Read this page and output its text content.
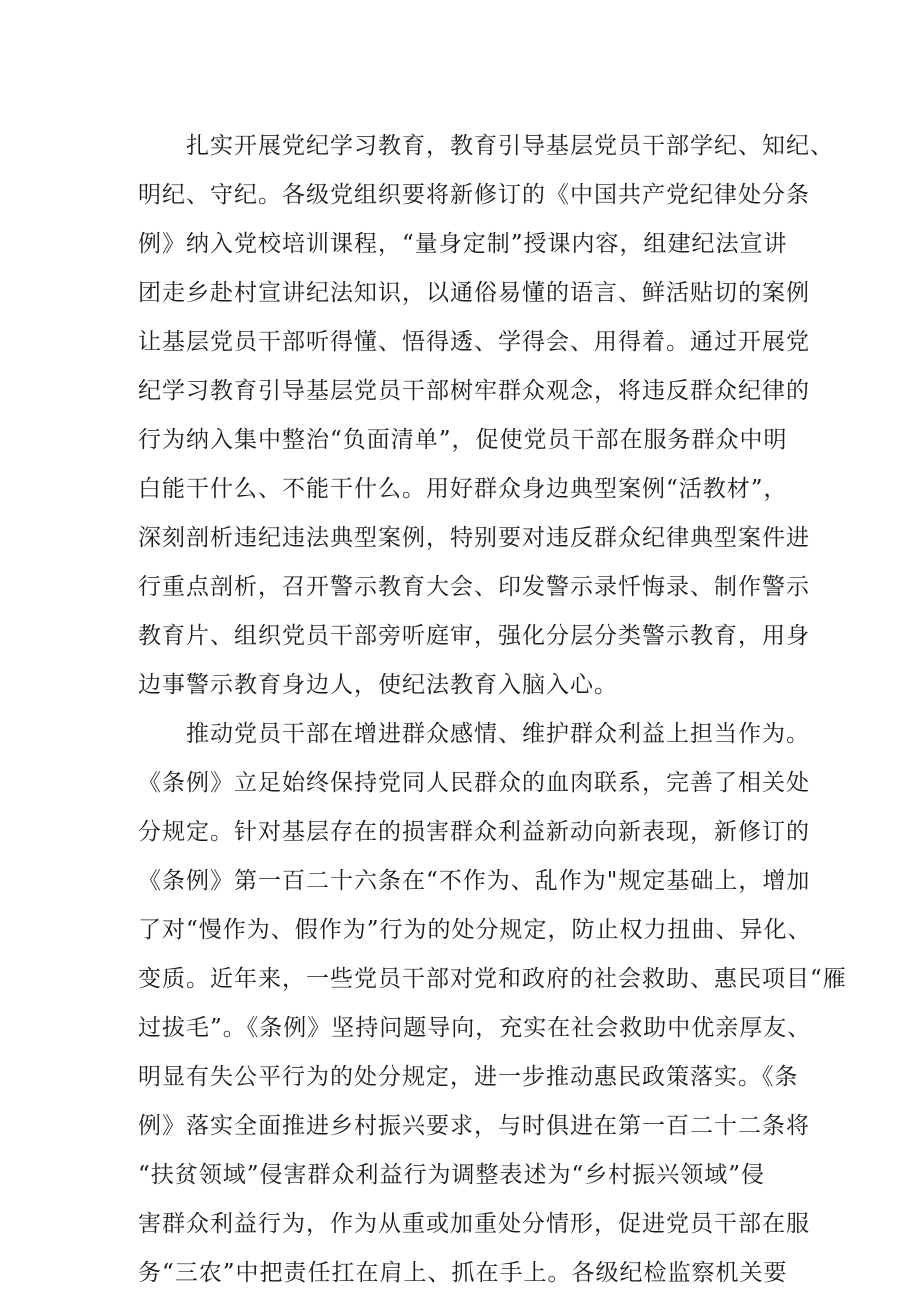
　　扎实开展党纪学习教育，教育引导基层党员干部学纪、知纪、
明纪、守纪。各级党组织要将新修订的《中国共产党纪律处分条
例》纳入党校培训课程，“量身定制”授课内容，组建纪法宣讲
团走乡赴村宣讲纪法知识，以通俗易懂的语言、鲜活贴切的案例
让基层党员干部听得懂、悟得透、学得会、用得着。通过开展党
纪学习教育引导基层党员干部树牢群众观念，将违反群众纪律的
行为纳入集中整治“负面清单”，促使党员干部在服务群众中明
白能干什么、不能干什么。用好群众身边典型案例“活教材”，
深刻剖析违纪违法典型案例，特别要对违反群众纪律典型案件进
行重点剖析，召开警示教育大会、印发警示录忏悔录、制作警示
教育片、组织党员干部旁听庭审，强化分层分类警示教育，用身
边事警示教育身边人，使纪法教育入脑入心。
　　推动党员干部在增进群众感情、维护群众利益上担当作为。
《条例》立足始终保持党同人民群众的血肉联系，完善了相关处
分规定。针对基层存在的损害群众利益新动向新表现，新修订的
《条例》第一百二十六条在“不作为、乱作为"规定基础上，增加
了对“慢作为、假作为”行为的处分规定，防止权力扭曲、异化、
变质。近年来，一些党员干部对党和政府的社会救助、惠民项目“雁
过拔毛”。《条例》坚持问题导向，充实在社会救助中优亲厚友、
明显有失公平行为的处分规定，进一步推动惠民政策落实。《条
例》落实全面推进乡村振兴要求，与时俱进在第一百二十二条将
“扶贫领域”侵害群众利益行为调整表述为“乡村振兴领域”侵
害群众利益行为，作为从重或加重处分情形，促进党员干部在服
务“三农”中把责任扛在肩上、抓在手上。各级纪检监察机关要
